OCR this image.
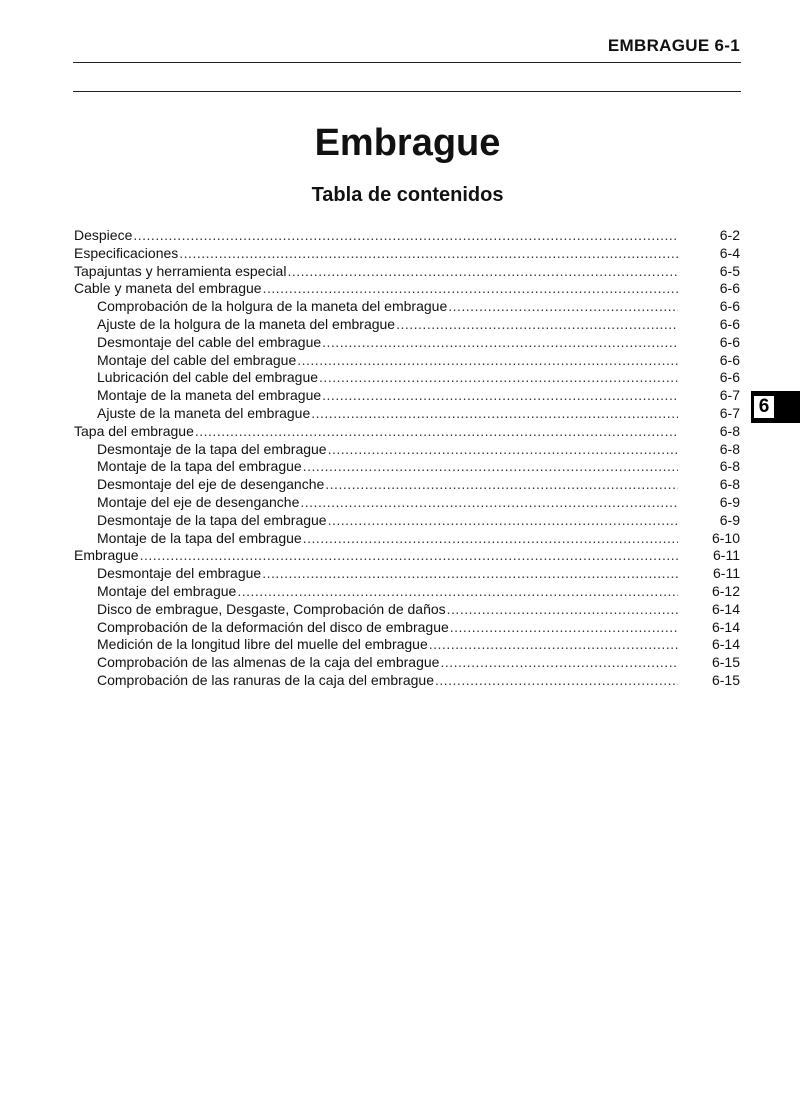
EMBRAGUE 6-1
Embrague
Tabla de contenidos
Despiece .....	6-2
Especificaciones .....	6-4
Tapajuntas y herramienta especial .....	6-5
Cable y maneta del embrague .....	6-6
Comprobación de la holgura de la maneta del embrague .....	6-6
Ajuste de la holgura de la maneta del embrague .....	6-6
Desmontaje del cable del embrague .....	6-6
Montaje del cable del embrague .....	6-6
Lubricación del cable del embrague .....	6-6
Montaje de la maneta del embrague .....	6-7
Ajuste de la maneta del embrague .....	6-7
Tapa del embrague .....	6-8
Desmontaje de la tapa del embrague .....	6-8
Montaje de la tapa del embrague .....	6-8
Desmontaje del eje de desenganche .....	6-8
Montaje del eje de desenganche .....	6-9
Desmontaje de la tapa del embrague .....	6-9
Montaje de la tapa del embrague .....	6-10
Embrague .....	6-11
Desmontaje del embrague .....	6-11
Montaje del embrague .....	6-12
Disco de embrague, Desgaste, Comprobación de daños .....	6-14
Comprobación de la deformación del disco de embrague .....	6-14
Medición de la longitud libre del muelle del embrague .....	6-14
Comprobación de las almenas de la caja del embrague .....	6-15
Comprobación de las ranuras de la caja del embrague .....	6-15
6
